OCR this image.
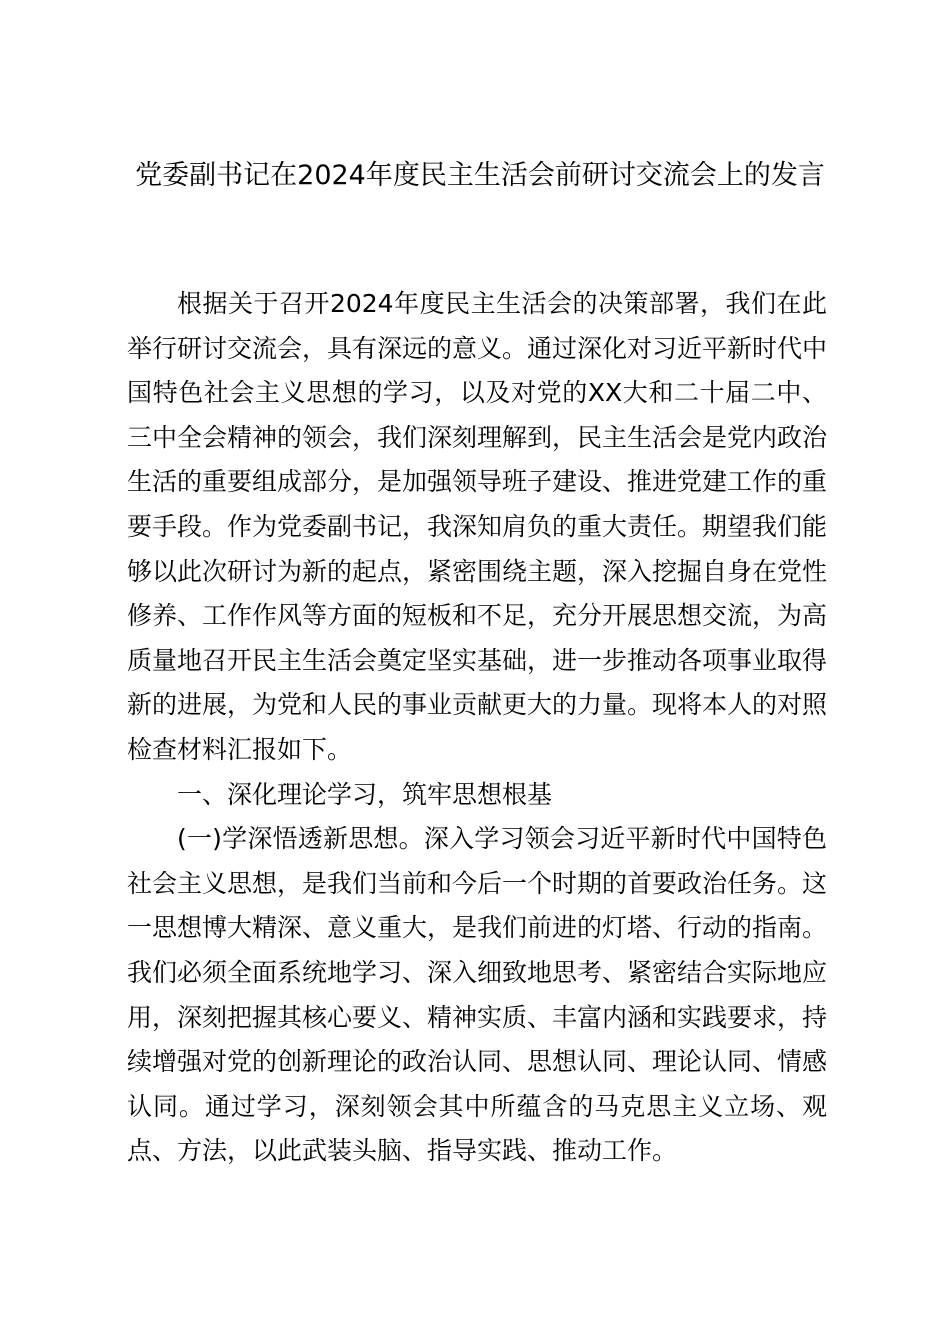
党委副书记在2024年度民主生活会前研讨交流会上的发言

根据关于召开2024年度民主生活会的决策部署，我们在此举行研讨交流会，具有深远的意义。通过深化对习近平新时代中国特色社会主义思想的学习，以及对党的XX大和二十届二中、三中全会精神的领会，我们深刻理解到，民主生活会是党内政治生活的重要组成部分，是加强领导班子建设、推进党建工作的重要手段。作为党委副书记，我深知肩负的重大责任。期望我们能够以此次研讨为新的起点，紧密围绕主题，深入挖掘自身在党性修养、工作作风等方面的短板和不足，充分开展思想交流，为高质量地召开民主生活会奠定坚实基础，进一步推动各项事业取得新的进展，为党和人民的事业贡献更大的力量。现将本人的对照检查材料汇报如下。

一、深化理论学习，筑牢思想根基

(一)学深悟透新思想。深入学习领会习近平新时代中国特色社会主义思想，是我们当前和今后一个时期的首要政治任务。这一思想博大精深、意义重大，是我们前进的灯塔、行动的指南。我们必须全面系统地学习、深入细致地思考、紧密结合实际地应用，深刻把握其核心要义、精神实质、丰富内涵和实践要求，持续增强对党的创新理论的政治认同、思想认同、理论认同、情感认同。通过学习，深刻领会其中所蕴含的马克思主义立场、观点、方法，以此武装头脑、指导实践、推动工作。
